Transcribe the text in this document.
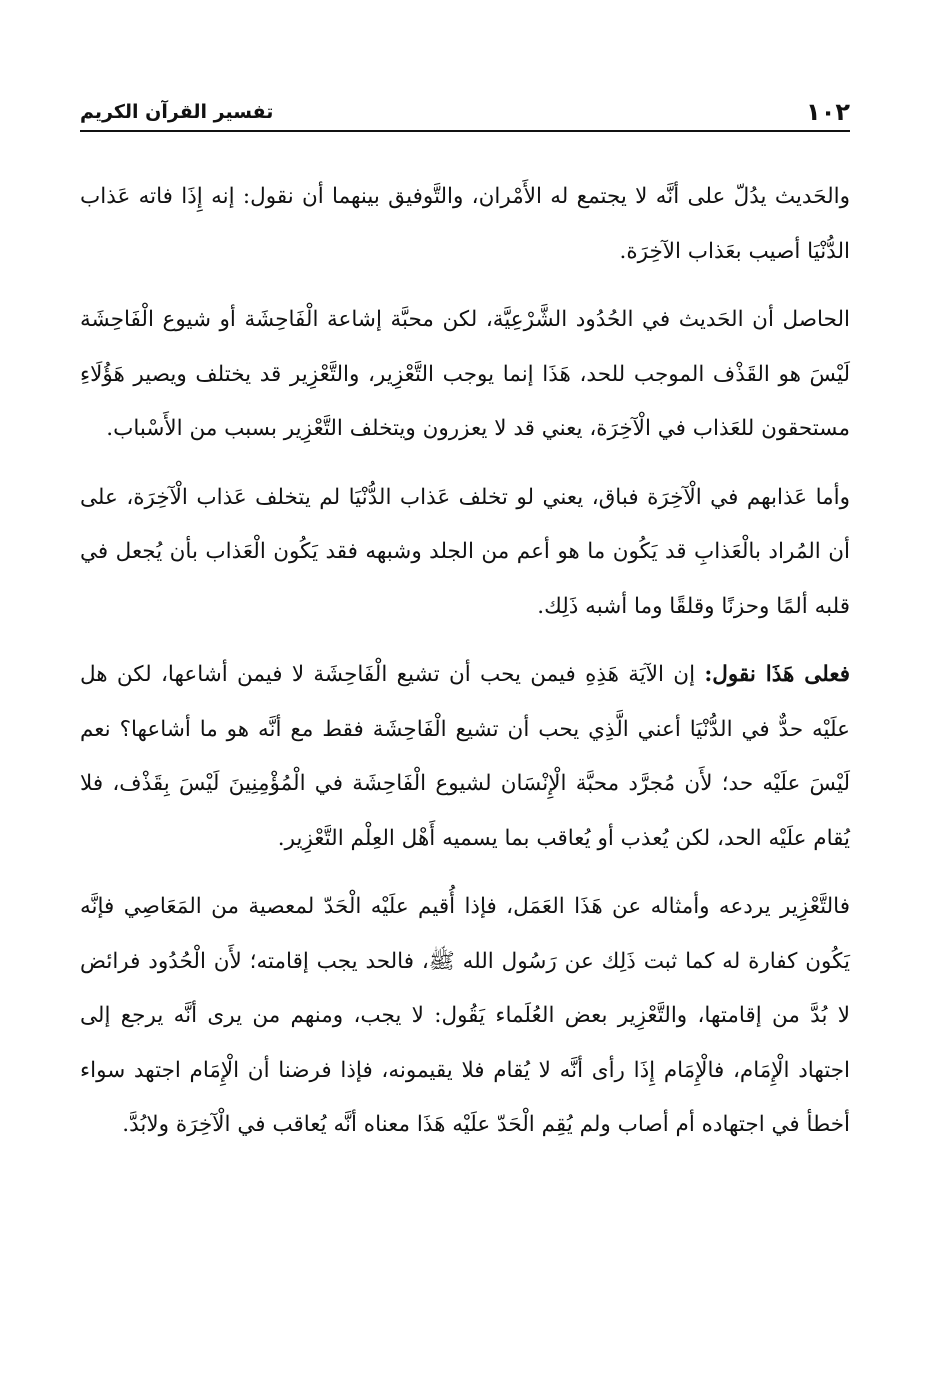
١٠٢
تفسير القرآن الكريم

والحَديث يدُلّ على أنَّه لا يجتمع له الأَمْران، والتَّوفيق بينهما أن نقول: إنه إِذَا فاته عَذاب الدُّنْيَا أصيب بعَذاب الآخِرَة.

الحاصل أن الحَديث في الحُدُود الشَّرْعِيَّة، لكن محبَّة إشاعة الْفَاحِشَة أو شيوع الْفَاحِشَة لَيْسَ هو القَذْف الموجب للحد، هَذَا إنما يوجب التَّعْزِير، والتَّعْزِير قد يختلف ويصير هَؤُلَاءِ مستحقون للعَذاب في الْآخِرَة، يعني قد لا يعزرون ويتخلف التَّعْزِير بسبب من الأَسْباب.

وأما عَذابهم في الْآخِرَة فباق، يعني لو تخلف عَذاب الدُّنْيَا لم يتخلف عَذاب الْآخِرَة، على أن المُراد بالْعَذابِ قد يَكُون ما هو أعم من الجلد وشبهه فقد يَكُون الْعَذاب بأن يُجعل في قلبه ألمًا وحزنًا وقلقًا وما أشبه ذَلِك.

فعلى هَذَا نقول: إن الآيَة هَذِهِ فيمن يحب أن تشيع الْفَاحِشَة لا فيمن أشاعها، لكن هل علَيْه حدٌّ في الدُّنْيَا أعني الَّذِي يحب أن تشيع الْفَاحِشَة فقط مع أنَّه هو ما أشاعها؟ نعم لَيْسَ علَيْه حد؛ لأَن مُجرَّد محبَّة الْإِنْسَان لشيوع الْفَاحِشَة في الْمُؤْمِنِينَ لَيْسَ بِقَذْف، فلا يُقام علَيْه الحد، لكن يُعذب أو يُعاقب بما يسميه أَهْل العِلْم التَّعْزِير.

فالتَّعْزِير يردعه وأمثاله عن هَذَا العَمَل، فإذا أُقيم علَيْه الْحَدّ لمعصية من المَعَاصِي فإنَّه يَكُون كفارة له كما ثبت ذَلِك عن رَسُول الله ﷺ، فالحد يجب إقامته؛ لأَن الْحُدُود فرائض لا بُدَّ من إقامتها، والتَّعْزِير بعض العُلَماء يَقُول: لا يجب، ومنهم من يرى أنَّه يرجع إلى اجتهاد الْإِمَام، فالْإِمَام إِذَا رأى أنَّه لا يُقام فلا يقيمونه، فإذا فرضنا أن الْإِمَام اجتهد سواء أخطأ في اجتهاده أم أصاب ولم يُقِم الْحَدّ علَيْه هَذَا معناه أنَّه يُعاقب في الْآخِرَة ولابُدَّ.
